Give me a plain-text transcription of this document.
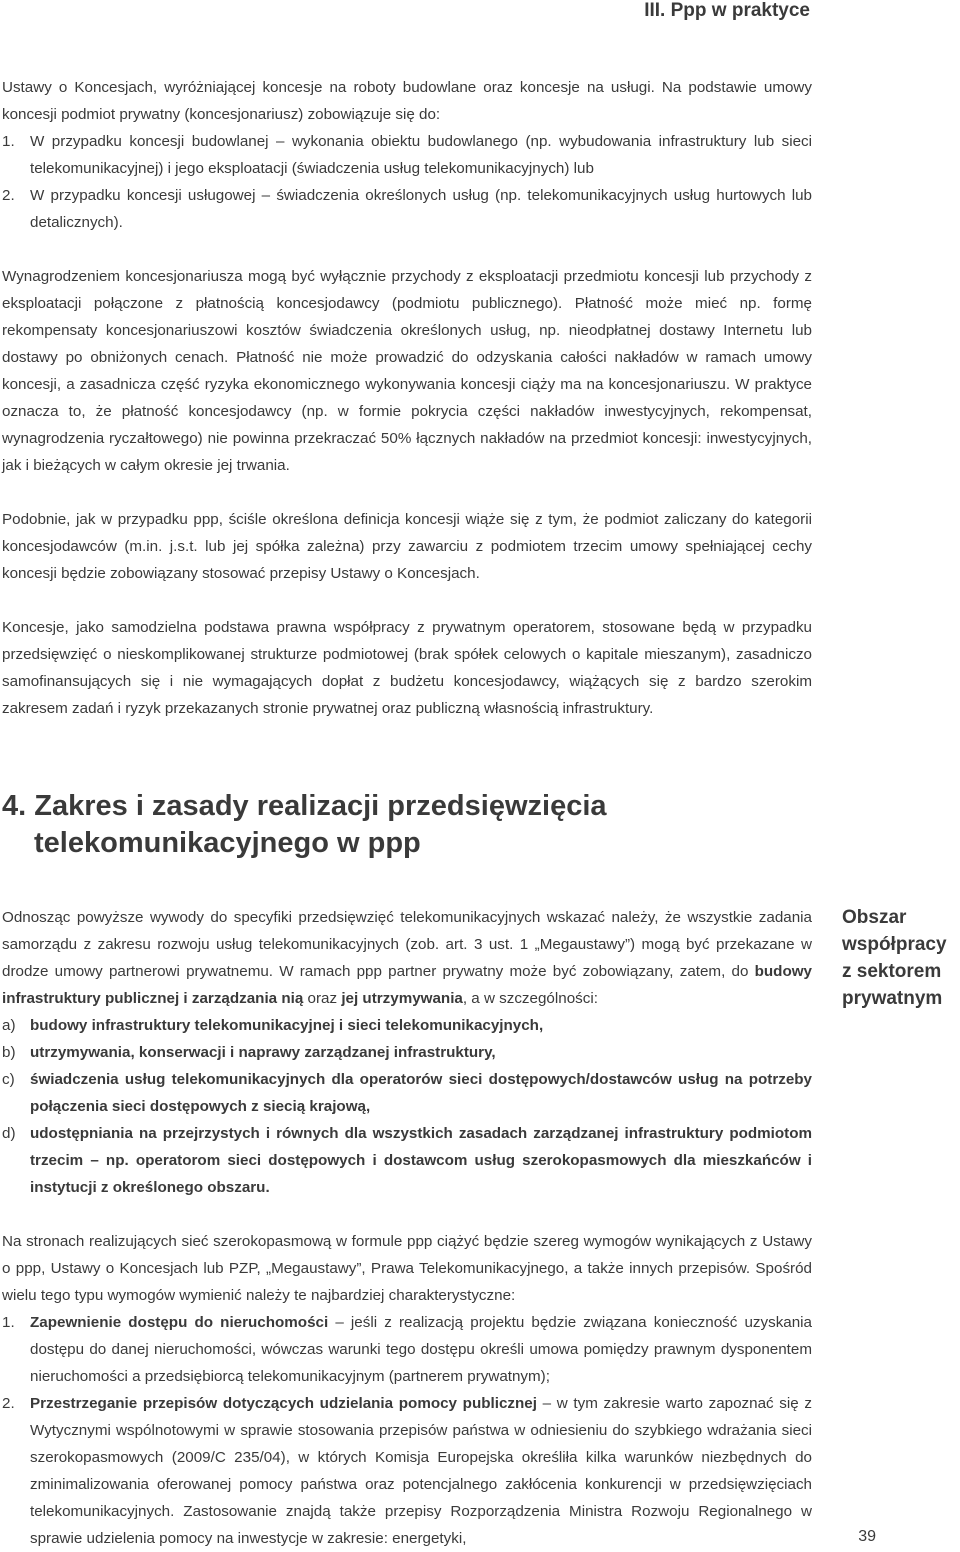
III. Ppp w praktyce

Ustawy o Koncesjach, wyróżniającej koncesje na roboty budowlane oraz koncesje na usługi. Na podstawie umowy koncesji podmiot prywatny (koncesjonariusz) zobowiązuje się do:

1. W przypadku koncesji budowlanej – wykonania obiektu budowlanego (np. wybudowania infrastruktury lub sieci telekomunikacyjnej) i jego eksploatacji (świadczenia usług telekomunikacyjnych) lub
2. W przypadku koncesji usługowej – świadczenia określonych usług (np. telekomunikacyjnych usług hurtowych lub detalicznych).

Wynagrodzeniem koncesjonariusza mogą być wyłącznie przychody z eksploatacji przedmiotu koncesji lub przychody z eksploatacji połączone z płatnością koncesjodawcy (podmiotu publicznego). Płatność może mieć np. formę rekompensaty koncesjonariuszowi kosztów świadczenia określonych usług, np. nieodpłatnej dostawy Internetu lub dostawy po obniżonych cenach. Płatność nie może prowadzić do odzyskania całości nakładów w ramach umowy koncesji, a zasadnicza część ryzyka ekonomicznego wykonywania koncesji ciąży ma na koncesjonariuszu. W praktyce oznacza to, że płatność koncesjodawcy (np. w formie pokrycia części nakładów inwestycyjnych, rekompensat, wynagrodzenia ryczałtowego) nie powinna przekraczać 50% łącznych nakładów na przedmiot koncesji: inwestycyjnych, jak i bieżących w całym okresie jej trwania.

Podobnie, jak w przypadku ppp, ściśle określona definicja koncesji wiąże się z tym, że podmiot zaliczany do kategorii koncesjodawców (m.in. j.s.t. lub jej spółka zależna) przy zawarciu z podmiotem trzecim umowy spełniającej cechy koncesji będzie zobowiązany stosować przepisy Ustawy o Koncesjach.

Koncesje, jako samodzielna podstawa prawna współpracy z prywatnym operatorem, stosowane będą w przypadku przedsięwzięć o nieskomplikowanej strukturze podmiotowej (brak spółek celowych o kapitale mieszanym), zasadniczo samofinansujących się i nie wymagających dopłat z budżetu koncesjodawcy, wiążących się z bardzo szerokim zakresem zadań i ryzyk przekazanych stronie prywatnej oraz publiczną własnością infrastruktury.

4. Zakres i zasady realizacji przedsięwzięcia
telekomunikacyjnego w ppp

Odnosząc powyższe wywody do specyfiki przedsięwzięć telekomunikacyjnych wskazać należy, że wszystkie zadania samorządu z zakresu rozwoju usług telekomunikacyjnych (zob. art. 3 ust. 1 „Megaustawy”) mogą być przekazane w drodze umowy partnerowi prywatnemu. W ramach ppp partner prywatny może być zobowiązany, zatem, do budowy infrastruktury publicznej i zarządzania nią oraz jej utrzymywania, a w szczególności:

a) budowy infrastruktury telekomunikacyjnej i sieci telekomunikacyjnych,
b) utrzymywania, konserwacji i naprawy zarządzanej infrastruktury,
c) świadczenia usług telekomunikacyjnych dla operatorów sieci dostępowych/dostawców usług na potrzeby połączenia sieci dostępowych z siecią krajową,
d) udostępniania na przejrzystych i równych dla wszystkich zasadach zarządzanej infrastruktury podmiotom trzecim – np. operatorom sieci dostępowych i dostawcom usług szerokopasmowych dla mieszkańców i instytucji z określonego obszaru.

Na stronach realizujących sieć szerokopasmową w formule ppp ciążyć będzie szereg wymogów wynikających z Ustawy o ppp, Ustawy o Koncesjach lub PZP, „Megaustawy”, Prawa Telekomunikacyjnego, a także innych przepisów. Spośród wielu tego typu wymogów wymienić należy te najbardziej charakterystyczne:

1. Zapewnienie dostępu do nieruchomości – jeśli z realizacją projektu będzie związana konieczność uzyskania dostępu do danej nieruchomości, wówczas warunki tego dostępu określi umowa pomiędzy prawnym dysponentem nieruchomości a przedsiębiorcą telekomunikacyjnym (partnerem prywatnym);
2. Przestrzeganie przepisów dotyczących udzielania pomocy publicznej – w tym zakresie warto zapoznać się z Wytycznymi wspólnotowymi w sprawie stosowania przepisów państwa w odniesieniu do szybkiego wdrażania sieci szerokopasmowych (2009/C 235/04), w których Komisja Europejska określiła kilka warunków niezbędnych do zminimalizowania oferowanej pomocy państwa oraz potencjalnego zakłócenia konkurencji w przedsięwzięciach telekomunikacyjnych. Zastosowanie znajdą także przepisy Rozporządzenia Ministra Rozwoju Regionalnego w sprawie udzielenia pomocy na inwestycje w zakresie: energetyki,
Obszar
współpracy
z sektorem
prywatnym
39
